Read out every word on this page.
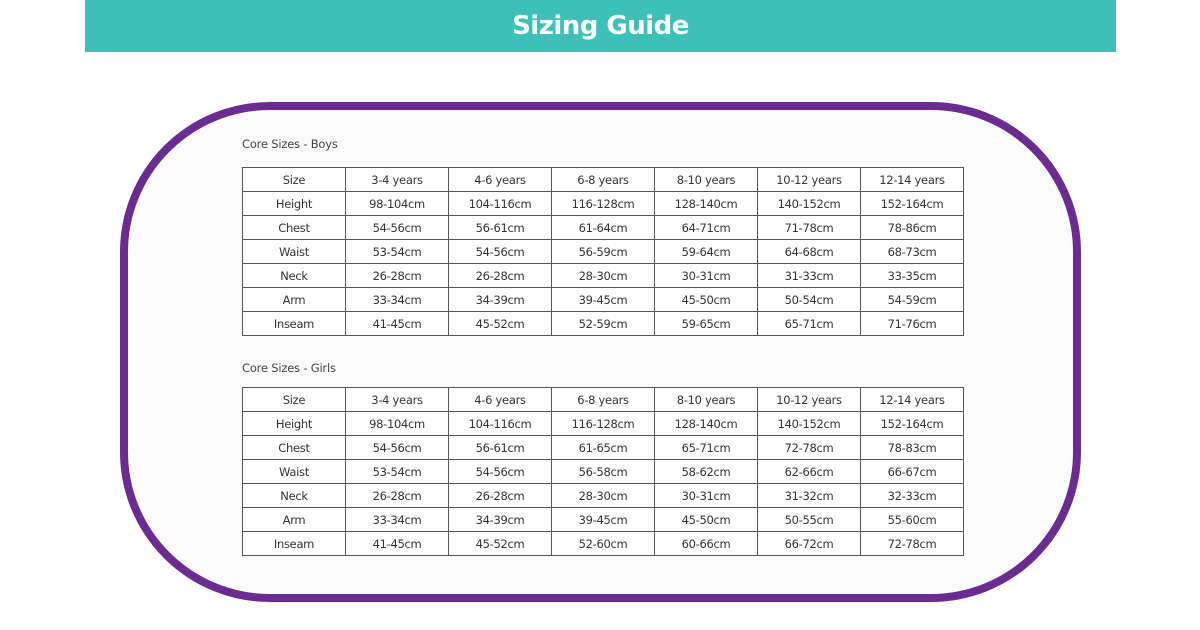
Sizing Guide
Core Sizes - Boys
Size	3-4 years	4-6 years	6-8 years	8-10 years	10-12 years	12-14 years
Height	98-104cm	104-116cm	116-128cm	128-140cm	140-152cm	152-164cm
Chest	54-56cm	56-61cm	61-64cm	64-71cm	71-78cm	78-86cm
Waist	53-54cm	54-56cm	56-59cm	59-64cm	64-68cm	68-73cm
Neck	26-28cm	26-28cm	28-30cm	30-31cm	31-33cm	33-35cm
Arm	33-34cm	34-39cm	39-45cm	45-50cm	50-54cm	54-59cm
Inseam	41-45cm	45-52cm	52-59cm	59-65cm	65-71cm	71-76cm
Core Sizes - Girls
Size	3-4 years	4-6 years	6-8 years	8-10 years	10-12 years	12-14 years
Height	98-104cm	104-116cm	116-128cm	128-140cm	140-152cm	152-164cm
Chest	54-56cm	56-61cm	61-65cm	65-71cm	72-78cm	78-83cm
Waist	53-54cm	54-56cm	56-58cm	58-62cm	62-66cm	66-67cm
Neck	26-28cm	26-28cm	28-30cm	30-31cm	31-32cm	32-33cm
Arm	33-34cm	34-39cm	39-45cm	45-50cm	50-55cm	55-60cm
Inseam	41-45cm	45-52cm	52-60cm	60-66cm	66-72cm	72-78cm
